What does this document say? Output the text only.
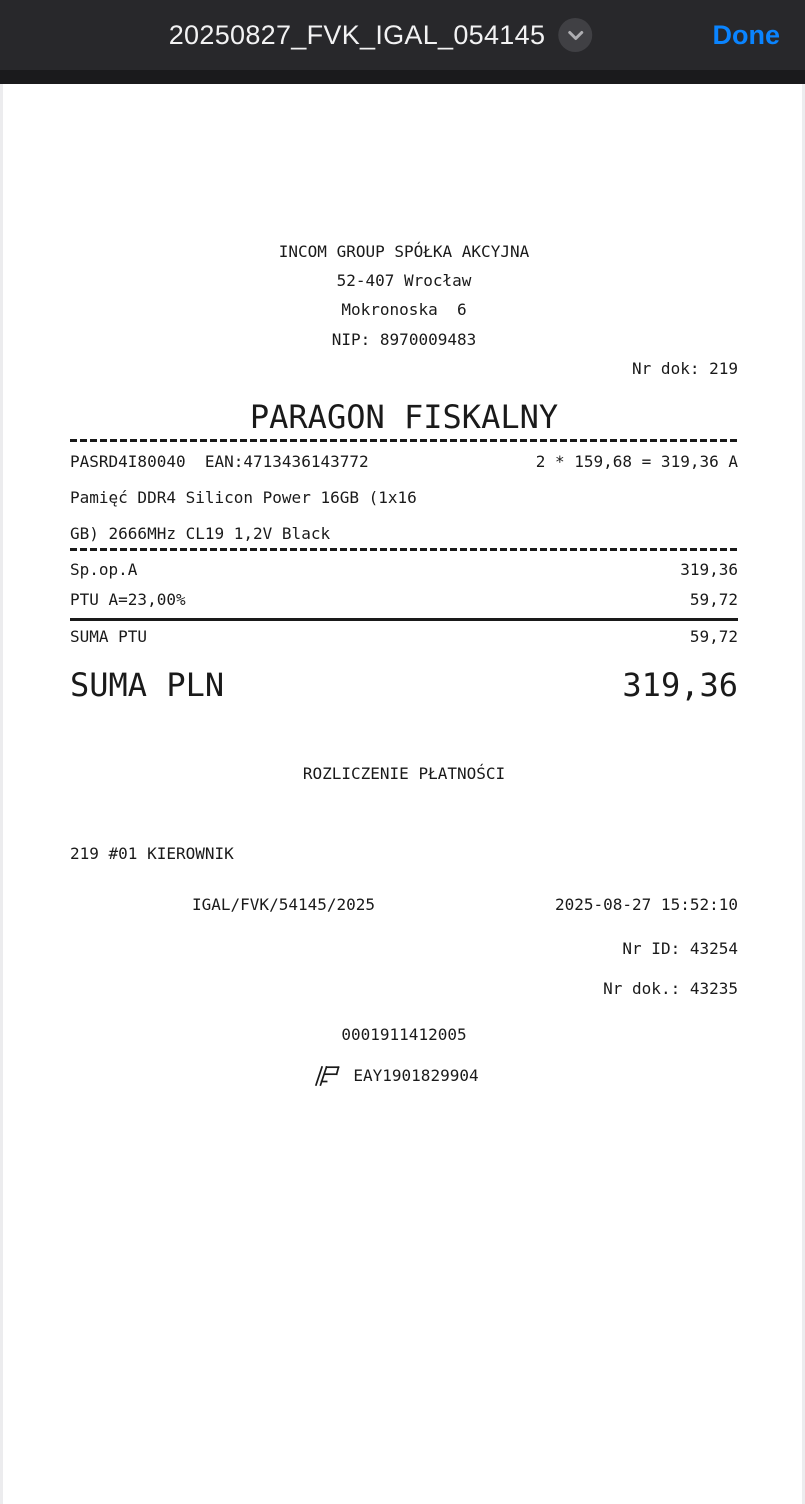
20250827_FVK_IGAL_054145	Done
INCOM GROUP SPÓŁKA AKCYJNA
52-407 Wrocław
Mokronoska  6
NIP: 8970009483
Nr dok: 219
PARAGON FISKALNY
PASRD4I80040  EAN:4713436143772	2 * 159,68 = 319,36 A
Pamięć DDR4 Silicon Power 16GB (1x16
GB) 2666MHz CL19 1,2V Black
Sp.op.A	319,36
PTU A=23,00%	59,72
SUMA PTU	59,72
SUMA PLN	319,36
ROZLICZENIE PŁATNOŚCI
219 #01 KIEROWNIK
IGAL/FVK/54145/2025	2025-08-27 15:52:10
Nr ID: 43254
Nr dok.: 43235
0001911412005
EAY1901829904
